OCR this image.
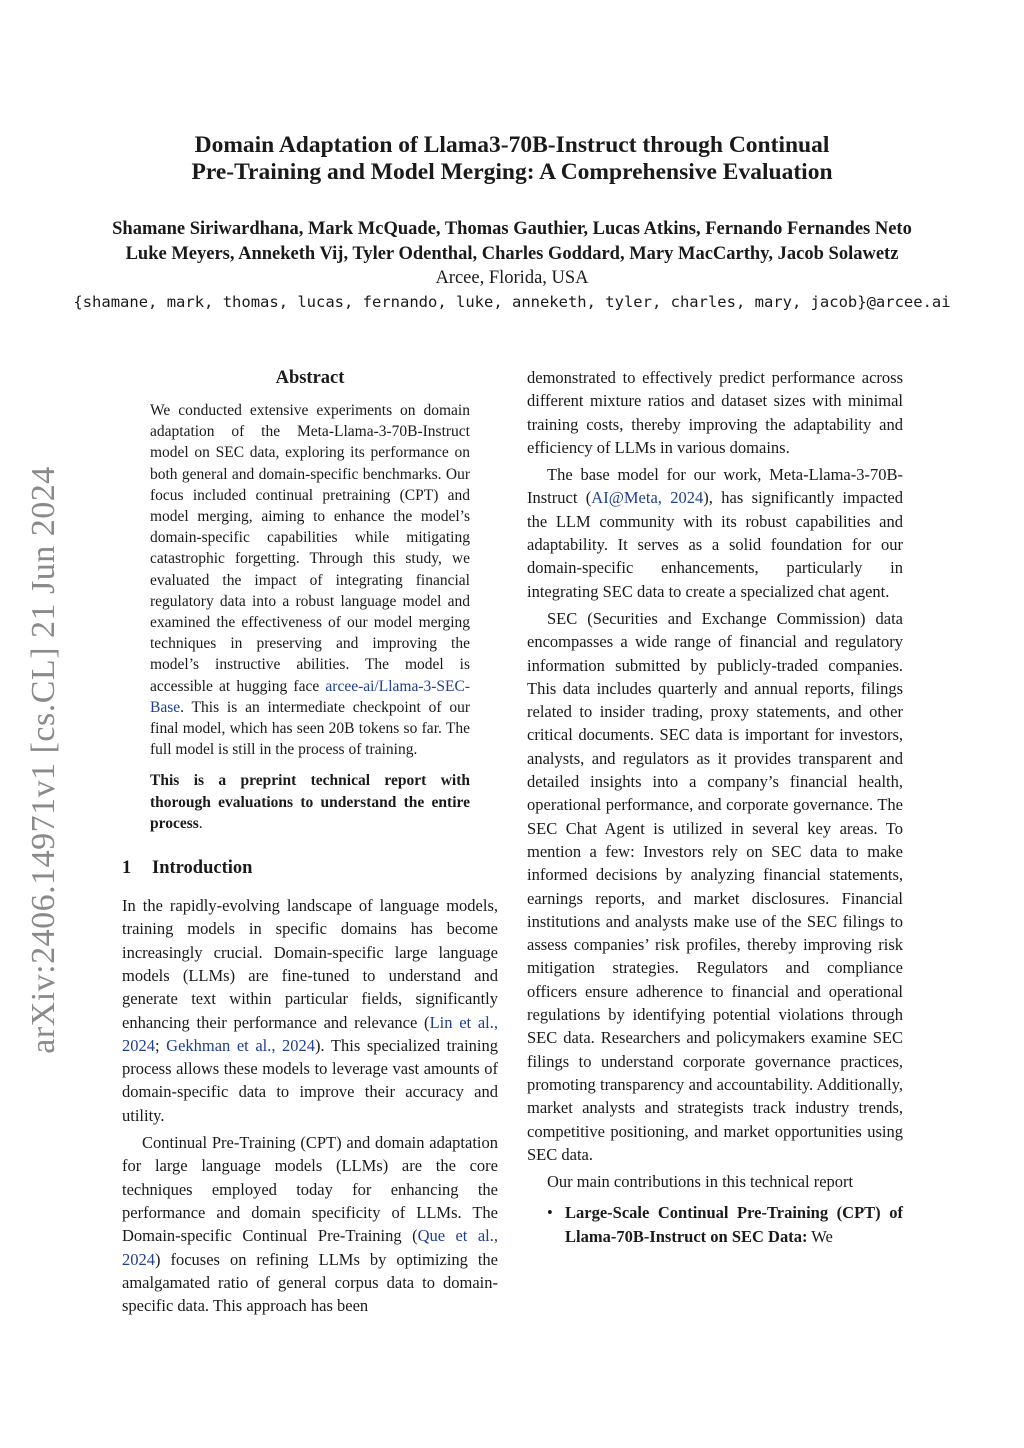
Domain Adaptation of Llama3-70B-Instruct through Continual
Pre-Training and Model Merging: A Comprehensive Evaluation
Shamane Siriwardhana, Mark McQuade, Thomas Gauthier, Lucas Atkins, Fernando Fernandes Neto
Luke Meyers, Anneketh Vij, Tyler Odenthal, Charles Goddard, Mary MacCarthy, Jacob Solawetz
Arcee, Florida, USA
{shamane, mark, thomas, lucas, fernando, luke, anneketh, tyler, charles, mary, jacob}@arcee.ai
arXiv:2406.14971v1 [cs.CL] 21 Jun 2024
Abstract

We conducted extensive experiments on domain adaptation of the Meta-Llama-3-70B-Instruct model on SEC data, exploring its performance on both general and domain-specific benchmarks. Our focus included continual pretraining (CPT) and model merging, aiming to enhance the model’s domain-specific capabilities while mitigating catastrophic forgetting. Through this study, we evaluated the impact of integrating financial regulatory data into a robust language model and examined the effectiveness of our model merging techniques in preserving and improving the model’s instructive abilities. The model is accessible at hugging face arcee-ai/Llama-3-SEC-Base. This is an intermediate checkpoint of our final model, which has seen 20B tokens so far. The full model is still in the process of training.

This is a preprint technical report with thorough evaluations to understand the entire process.

1 Introduction

In the rapidly-evolving landscape of language models, training models in specific domains has become increasingly crucial. Domain-specific large language models (LLMs) are fine-tuned to understand and generate text within particular fields, significantly enhancing their performance and relevance (Lin et al., 2024; Gekhman et al., 2024). This specialized training process allows these models to leverage vast amounts of domain-specific data to improve their accuracy and utility.

Continual Pre-Training (CPT) and domain adaptation for large language models (LLMs) are the core techniques employed today for enhancing the performance and domain specificity of LLMs. The Domain-specific Continual Pre-Training (Que et al., 2024) focuses on refining LLMs by optimizing the amalgamated ratio of general corpus data to domain-specific data. This approach has been

demonstrated to effectively predict performance across different mixture ratios and dataset sizes with minimal training costs, thereby improving the adaptability and efficiency of LLMs in various domains.

The base model for our work, Meta-Llama-3-70B-Instruct (AI@Meta, 2024), has significantly impacted the LLM community with its robust capabilities and adaptability. It serves as a solid foundation for our domain-specific enhancements, particularly in integrating SEC data to create a specialized chat agent.

SEC (Securities and Exchange Commission) data encompasses a wide range of financial and regulatory information submitted by publicly-traded companies. This data includes quarterly and annual reports, filings related to insider trading, proxy statements, and other critical documents. SEC data is important for investors, analysts, and regulators as it provides transparent and detailed insights into a company’s financial health, operational performance, and corporate governance. The SEC Chat Agent is utilized in several key areas. To mention a few: Investors rely on SEC data to make informed decisions by analyzing financial statements, earnings reports, and market disclosures. Financial institutions and analysts make use of the SEC filings to assess companies’ risk profiles, thereby improving risk mitigation strategies. Regulators and compliance officers ensure adherence to financial and operational regulations by identifying potential violations through SEC data. Researchers and policymakers examine SEC filings to understand corporate governance practices, promoting transparency and accountability. Additionally, market analysts and strategists track industry trends, competitive positioning, and market opportunities using SEC data.

Our main contributions in this technical report

• Large-Scale Continual Pre-Training (CPT) of Llama-70B-Instruct on SEC Data: We
